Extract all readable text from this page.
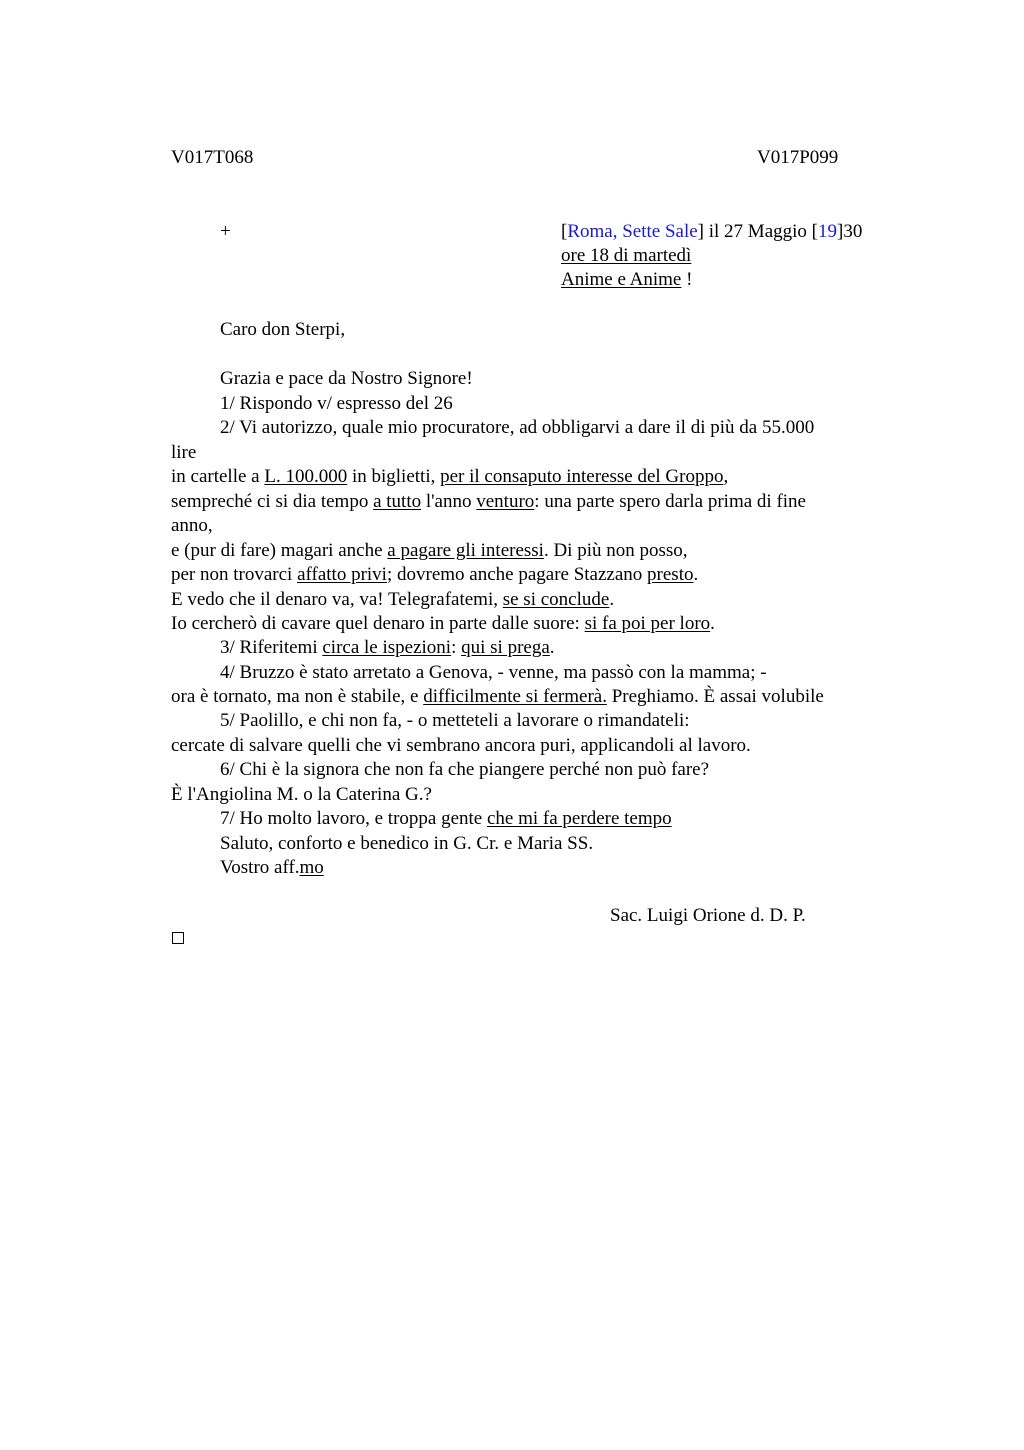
V017T068	V017P099
+	[Roma, Sette Sale] il 27 Maggio [19]30
ore 18 di martedì
Anime e Anime !
Caro don Sterpi,
Grazia e pace da Nostro Signore!
1/ Rispondo v/ espresso del 26
2/ Vi autorizzo, quale mio procuratore, ad obbligarvi a dare il di più da 55.000
lire
in cartelle a L. 100.000 in biglietti, per il consaputo interesse del Groppo,
sempreché ci si dia tempo a tutto l'anno venturo: una parte spero darla prima di fine
anno,
e (pur di fare) magari anche a pagare gli interessi. Di più non posso,
per non trovarci affatto privi; dovremo anche pagare Stazzano presto.
E vedo che il denaro va, va! Telegrafatemi, se si conclude.
Io cercherò di cavare quel denaro in parte dalle suore: si fa poi per loro.
3/ Riferitemi circa le ispezioni: qui si prega.
4/ Bruzzo è stato arretato a Genova, - venne, ma passò con la mamma; -
ora è tornato, ma non è stabile, e difficilmente si fermerà. Preghiamo. È assai volubile
5/ Paolillo, e chi non fa, - o metteteli a lavorare o rimandateli:
cercate di salvare quelli che vi sembrano ancora puri, applicandoli al lavoro.
6/ Chi è la signora che non fa che piangere perché non può fare?
È l'Angiolina M. o la Caterina G.?
7/ Ho molto lavoro, e troppa gente che mi fa perdere tempo
Saluto, conforto e benedico in G. Cr. e Maria SS.
Vostro aff.mo
Sac. Luigi Orione d. D. P.
